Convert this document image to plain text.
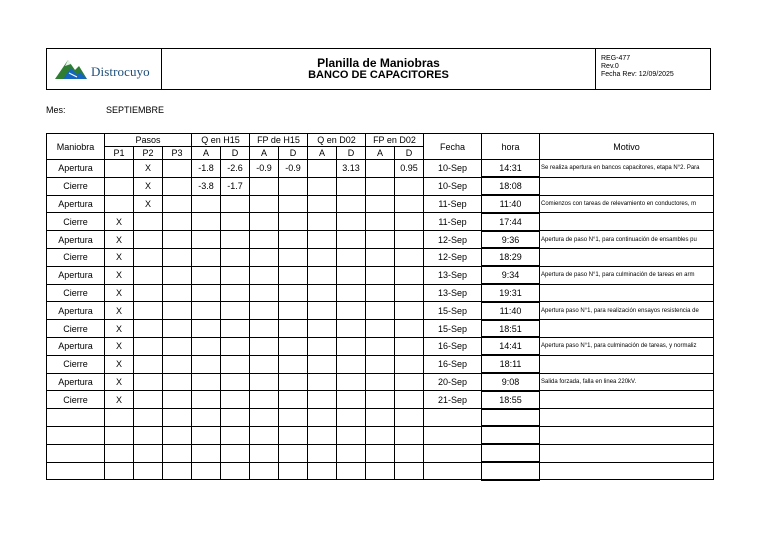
Distrocuyo
Planilla de Maniobras
BANCO DE CAPACITORES
REG-477
Rev.0
Fecha Rev: 12/09/2025
Mes:	SEPTIEMBRE
Maniobra	Pasos			Q en H15		FP de H15		Q en D02		FP en D02		Fecha	hora	Motivo
	P1	P2	P3	A	D	A	D	A	D	A	D			
Apertura		X		-1.8	-2.6	-0.9	-0.9		3.13		0.95	10-Sep	14:31	Se realiza apertura en bancos capacitores, etapa N°2. Para
Cierre		X		-3.8	-1.7							10-Sep	18:08	
Apertura		X										11-Sep	11:40	Comienzos con tareas de relevamiento en conductores, m
Cierre	X											11-Sep	17:44	
Apertura	X											12-Sep	9:36	Apertura de paso N°1, para continuación de ensambles pu
Cierre	X											12-Sep	18:29	
Apertura	X											13-Sep	9:34	Apertura de paso N°1, para culminación de tareas en arm
Cierre	X											13-Sep	19:31	
Apertura	X											15-Sep	11:40	Apertura paso N°1, para realización ensayos resistencia de
Cierre	X											15-Sep	18:51	
Apertura	X											16-Sep	14:41	Apertura paso N°1, para culminación de tareas, y normaliz
Cierre	X											16-Sep	18:11	
Apertura	X											20-Sep	9:08	Salida forzada, falla en linea 220kV.
Cierre	X											21-Sep	18:55	
